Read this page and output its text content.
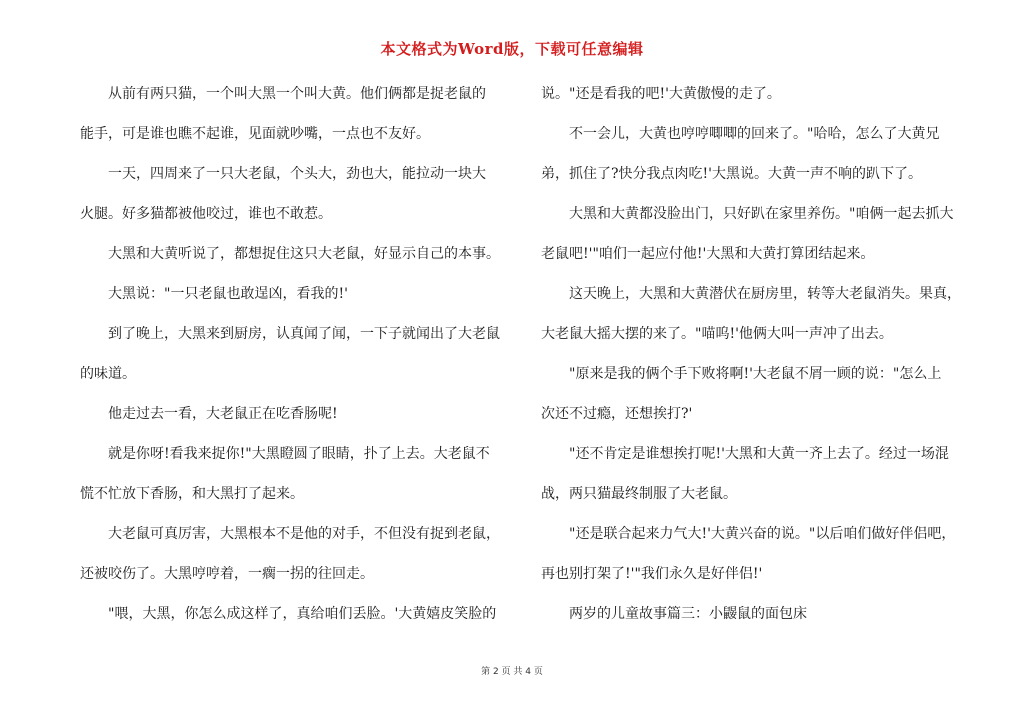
本文格式为Word版，下载可任意编辑
　　从前有两只猫，一个叫大黑一个叫大黄。他们俩都是捉老鼠的
能手，可是谁也瞧不起谁，见面就吵嘴，一点也不友好。
　　一天，四周来了一只大老鼠，个头大，劲也大，能拉动一块大
火腿。好多猫都被他咬过，谁也不敢惹。
　　大黑和大黄听说了，都想捉住这只大老鼠，好显示自己的本事。
　　大黑说："一只老鼠也敢逞凶，看我的!'
　　到了晚上，大黑来到厨房，认真闻了闻，一下子就闻出了大老鼠
的味道。
　　他走过去一看，大老鼠正在吃香肠呢!
　　就是你呀!看我来捉你!"大黑瞪圆了眼睛，扑了上去。大老鼠不
慌不忙放下香肠，和大黑打了起来。
　　大老鼠可真厉害，大黑根本不是他的对手，不但没有捉到老鼠，
还被咬伤了。大黑哼哼着，一瘸一拐的往回走。
　　"喂，大黑，你怎么成这样了，真给咱们丢脸。'大黄嬉皮笑脸的
说。"还是看我的吧!'大黄傲慢的走了。
　　不一会儿，大黄也哼哼唧唧的回来了。"哈哈，怎么了大黄兄
弟，抓住了?快分我点肉吃!'大黑说。大黄一声不响的趴下了。
　　大黑和大黄都没脸出门，只好趴在家里养伤。"咱俩一起去抓大
老鼠吧!'"咱们一起应付他!'大黑和大黄打算团结起来。
　　这天晚上，大黑和大黄潜伏在厨房里，转等大老鼠消失。果真，
大老鼠大摇大摆的来了。"喵呜!'他俩大叫一声冲了出去。
　　"原来是我的俩个手下败将啊!'大老鼠不屑一顾的说："怎么上
次还不过瘾，还想挨打?'
　　"还不肯定是谁想挨打呢!'大黑和大黄一齐上去了。经过一场混
战，两只猫最终制服了大老鼠。
　　"还是联合起来力气大!'大黄兴奋的说。"以后咱们做好伴侣吧，
再也别打架了!'"我们永久是好伴侣!'
　　两岁的儿童故事篇三：小鼹鼠的面包床
第 2 页 共 4 页
